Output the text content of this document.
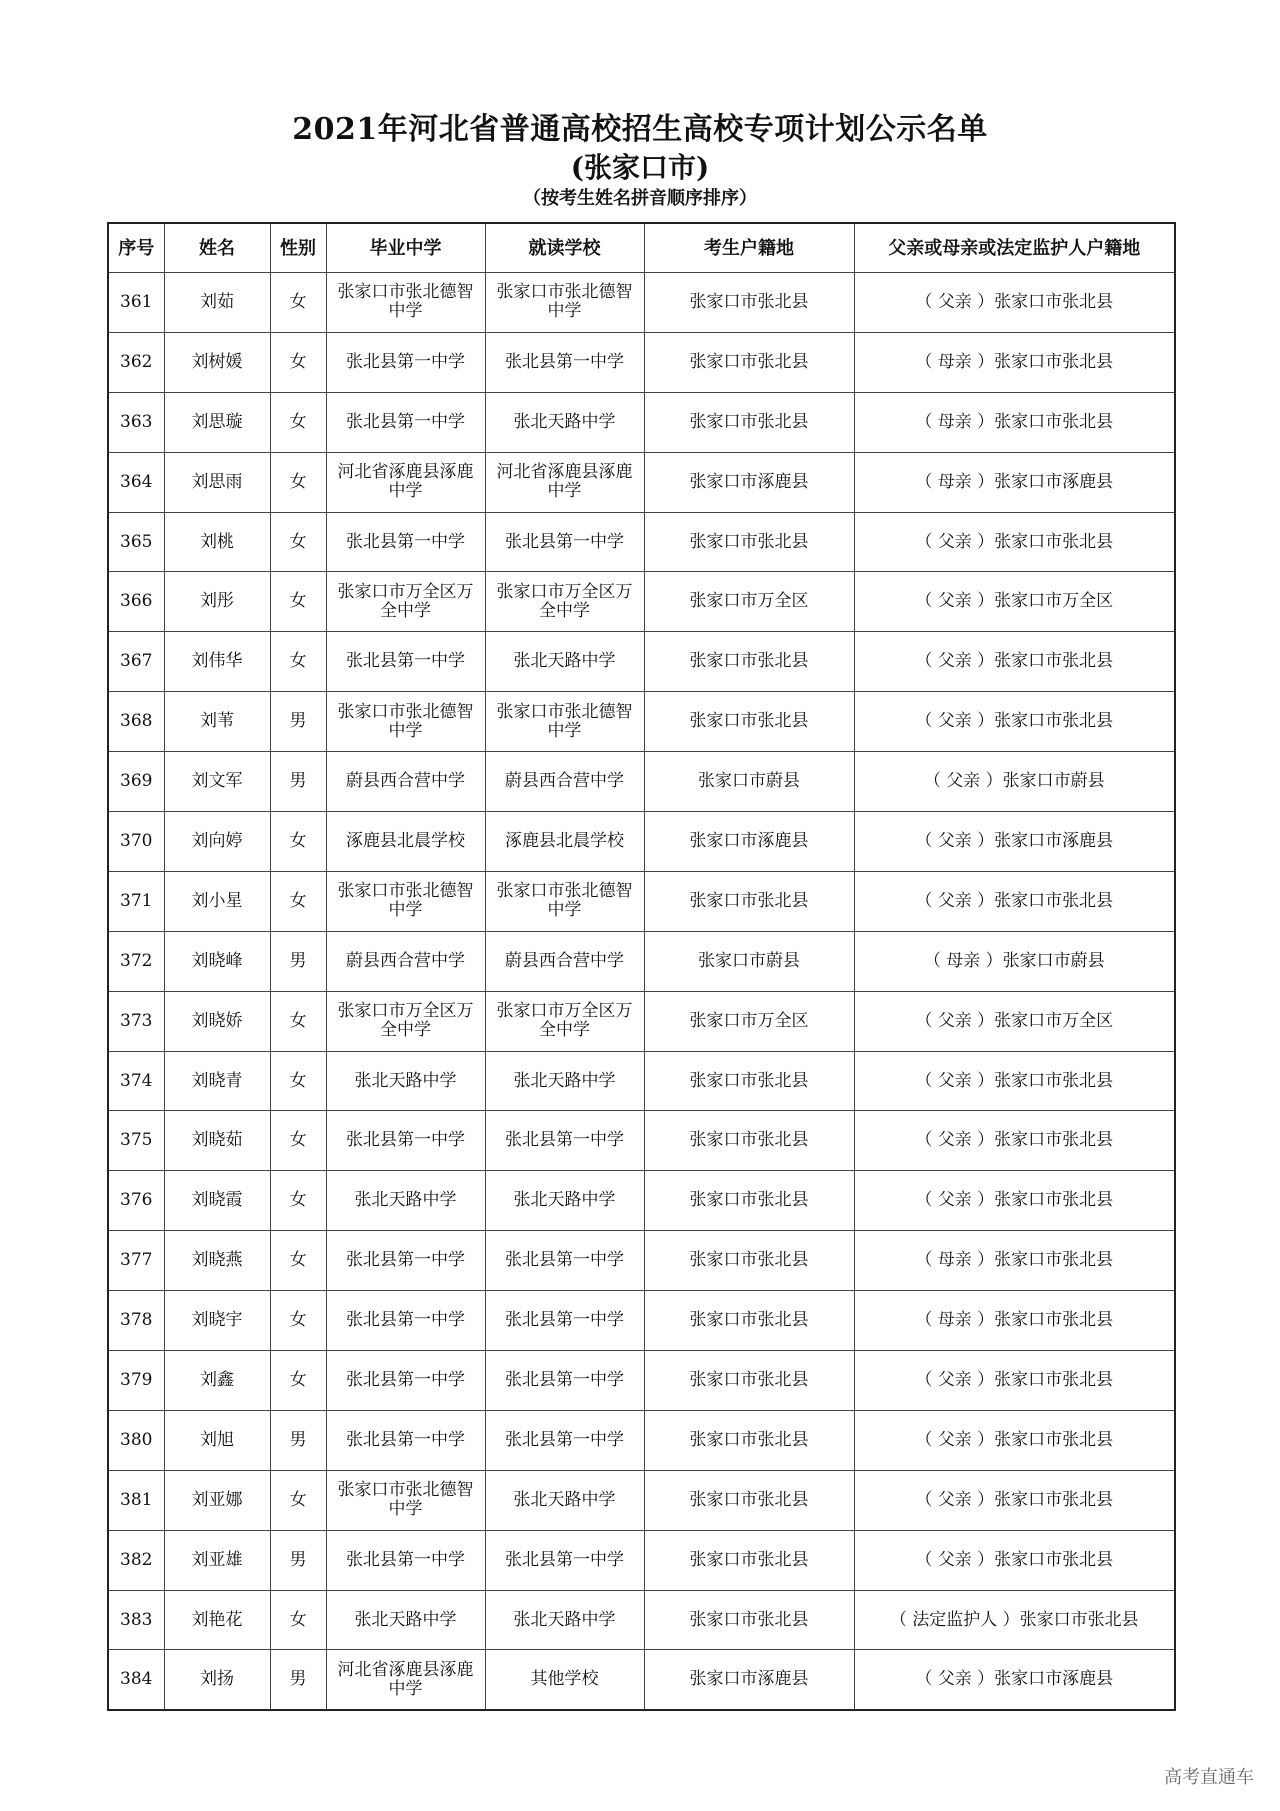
2021年河北省普通高校招生高校专项计划公示名单
(张家口市)
（按考生姓名拼音顺序排序）
序号	姓名	性别	毕业中学	就读学校	考生户籍地	父亲或母亲或法定监护人户籍地
361	刘茹	女	张家口市张北德智中学	张家口市张北德智中学	张家口市张北县	（ 父亲 ）张家口市张北县
362	刘树媛	女	张北县第一中学	张北县第一中学	张家口市张北县	（ 母亲 ）张家口市张北县
363	刘思璇	女	张北县第一中学	张北天路中学	张家口市张北县	（ 母亲 ）张家口市张北县
364	刘思雨	女	河北省涿鹿县涿鹿中学	河北省涿鹿县涿鹿中学	张家口市涿鹿县	（ 母亲 ）张家口市涿鹿县
365	刘桃	女	张北县第一中学	张北县第一中学	张家口市张北县	（ 父亲 ）张家口市张北县
366	刘彤	女	张家口市万全区万全中学	张家口市万全区万全中学	张家口市万全区	（ 父亲 ）张家口市万全区
367	刘伟华	女	张北县第一中学	张北天路中学	张家口市张北县	（ 父亲 ）张家口市张北县
368	刘苇	男	张家口市张北德智中学	张家口市张北德智中学	张家口市张北县	（ 父亲 ）张家口市张北县
369	刘文军	男	蔚县西合营中学	蔚县西合营中学	张家口市蔚县	（ 父亲 ）张家口市蔚县
370	刘向婷	女	涿鹿县北晨学校	涿鹿县北晨学校	张家口市涿鹿县	（ 父亲 ）张家口市涿鹿县
371	刘小星	女	张家口市张北德智中学	张家口市张北德智中学	张家口市张北县	（ 父亲 ）张家口市张北县
372	刘晓峰	男	蔚县西合营中学	蔚县西合营中学	张家口市蔚县	（ 母亲 ）张家口市蔚县
373	刘晓娇	女	张家口市万全区万全中学	张家口市万全区万全中学	张家口市万全区	（ 父亲 ）张家口市万全区
374	刘晓青	女	张北天路中学	张北天路中学	张家口市张北县	（ 父亲 ）张家口市张北县
375	刘晓茹	女	张北县第一中学	张北县第一中学	张家口市张北县	（ 父亲 ）张家口市张北县
376	刘晓霞	女	张北天路中学	张北天路中学	张家口市张北县	（ 父亲 ）张家口市张北县
377	刘晓燕	女	张北县第一中学	张北县第一中学	张家口市张北县	（ 母亲 ）张家口市张北县
378	刘晓宇	女	张北县第一中学	张北县第一中学	张家口市张北县	（ 母亲 ）张家口市张北县
379	刘鑫	女	张北县第一中学	张北县第一中学	张家口市张北县	（ 父亲 ）张家口市张北县
380	刘旭	男	张北县第一中学	张北县第一中学	张家口市张北县	（ 父亲 ）张家口市张北县
381	刘亚娜	女	张家口市张北德智中学	张北天路中学	张家口市张北县	（ 父亲 ）张家口市张北县
382	刘亚雄	男	张北县第一中学	张北县第一中学	张家口市张北县	（ 父亲 ）张家口市张北县
383	刘艳花	女	张北天路中学	张北天路中学	张家口市张北县	（ 法定监护人 ）张家口市张北县
384	刘扬	男	河北省涿鹿县涿鹿中学	其他学校	张家口市涿鹿县	（ 父亲 ）张家口市涿鹿县
高考直通车
